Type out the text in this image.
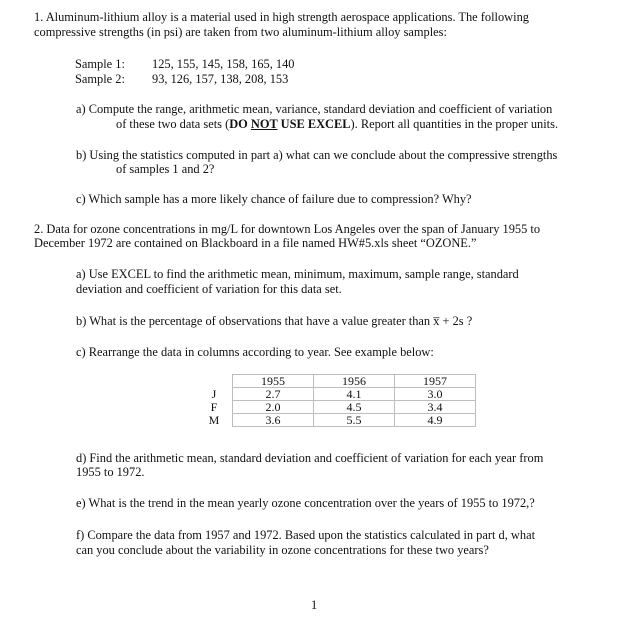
1. Aluminum-lithium alloy is a material used in high strength aerospace applications. The following
compressive strengths (in psi) are taken from two aluminum-lithium alloy samples:
Sample 1:	125, 155, 145, 158, 165, 140
Sample 2:	93, 126, 157, 138, 208, 153
a) Compute the range, arithmetic mean, variance, standard deviation and coefficient of variation
of these two data sets (DO NOT USE EXCEL). Report all quantities in the proper units.
b) Using the statistics computed in part a) what can we conclude about the compressive strengths
of samples 1 and 2?
c) Which sample has a more likely chance of failure due to compression? Why?
2. Data for ozone concentrations in mg/L for downtown Los Angeles over the span of January 1955 to
December 1972 are contained on Blackboard in a file named HW#5.xls sheet “OZONE.”
a) Use EXCEL to find the arithmetic mean, minimum, maximum, sample range, standard
deviation and coefficient of variation for this data set.
b) What is the percentage of observations that have a value greater than x̅ + 2s ?
c) Rearrange the data in columns according to year. See example below:
	1955	1956	1957
J	2.7	4.1	3.0
F	2.0	4.5	3.4
M	3.6	5.5	4.9
d) Find the arithmetic mean, standard deviation and coefficient of variation for each year from
1955 to 1972.
e) What is the trend in the mean yearly ozone concentration over the years of 1955 to 1972,?
f) Compare the data from 1957 and 1972. Based upon the statistics calculated in part d, what
can you conclude about the variability in ozone concentrations for these two years?
1
